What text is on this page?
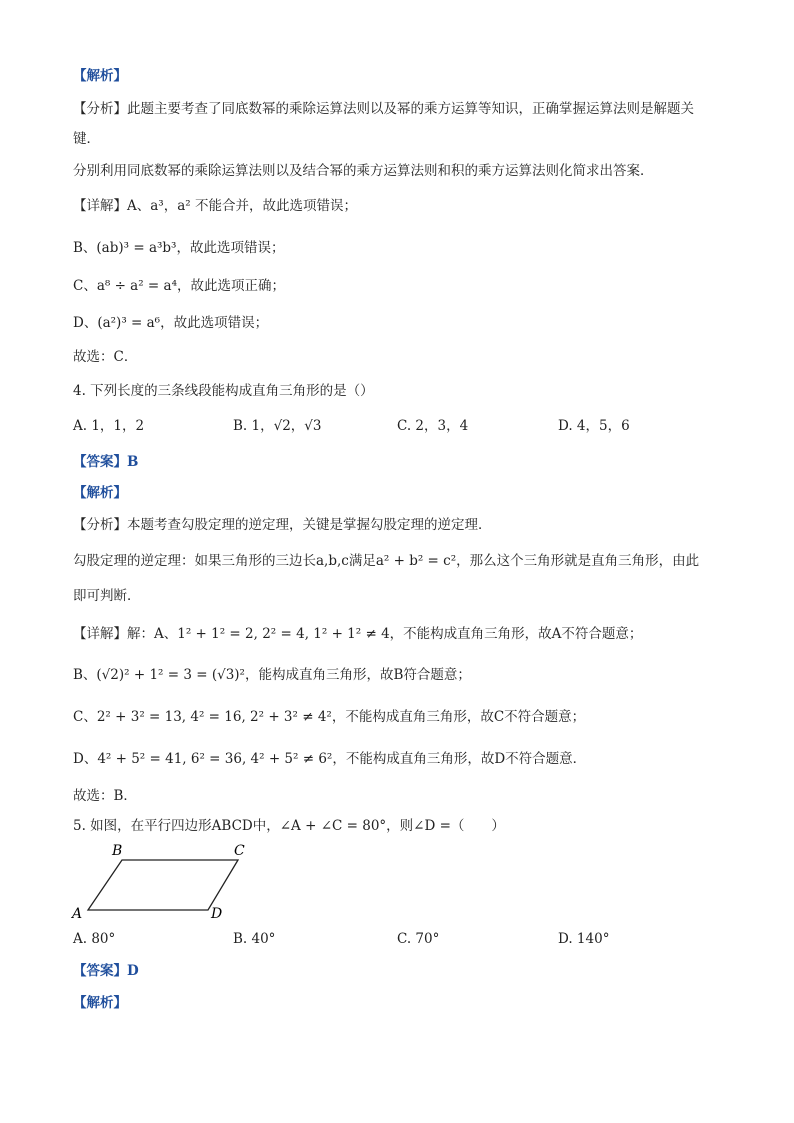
【解析】
【分析】此题主要考查了同底数幂的乘除运算法则以及幂的乘方运算等知识，正确掌握运算法则是解题关
键．
分别利用同底数幂的乘除运算法则以及结合幂的乘方运算法则和积的乘方运算法则化简求出答案．
【详解】A、a³，a² 不能合并，故此选项错误；
B、(ab)³ = a³b³，故此选项错误；
C、a⁸ ÷ a² = a⁴，故此选项正确；
D、(a²)³ = a⁶，故此选项错误；
故选：C．
4. 下列长度的三条线段能构成直角三角形的是（）
A. 1，1，2	B. 1，√2，√3	C. 2，3，4	D. 4，5，6
【答案】B
【解析】
【分析】本题考查勾股定理的逆定理，关键是掌握勾股定理的逆定理．
勾股定理的逆定理：如果三角形的三边长a,b,c满足a² + b² = c²，那么这个三角形就是直角三角形，由此
即可判断．
【详解】解：A、1² + 1² = 2, 2² = 4, 1² + 1² ≠ 4，不能构成直角三角形，故A不符合题意；
B、(√2)² + 1² = 3 = (√3)²，能构成直角三角形，故B符合题意；
C、2² + 3² = 13, 4² = 16, 2² + 3² ≠ 4²，不能构成直角三角形，故C不符合题意；
D、4² + 5² = 41, 6² = 36, 4² + 5² ≠ 6²，不能构成直角三角形，故D不符合题意．
故选：B．
5. 如图，在平行四边形ABCD中，∠A + ∠C = 80°，则∠D =（　　）
A
B	C
D
A. 80°	B. 40°	C. 70°	D. 140°
【答案】D
【解析】
